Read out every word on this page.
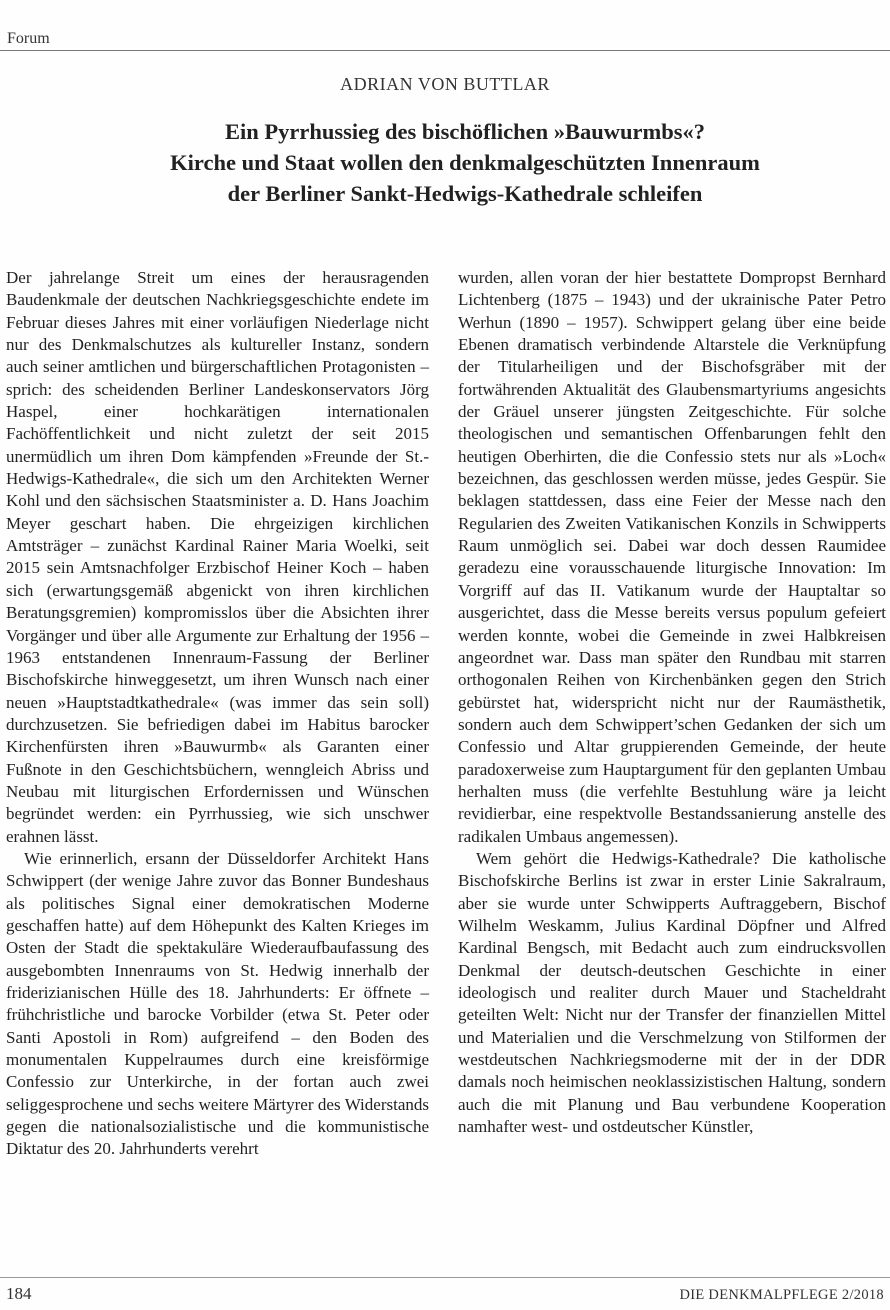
Forum
ADRIAN VON BUTTLAR
Ein Pyrrhussieg des bischöflichen »Bauwurmbs«?
Kirche und Staat wollen den denkmalgeschützten Innenraum
der Berliner Sankt-Hedwigs-Kathedrale schleifen

Der jahrelange Streit um eines der herausragenden Baudenkmale der deutschen Nachkriegsgeschichte endete im Februar dieses Jahres mit einer vorläufigen Niederlage nicht nur des Denkmalschutzes als kultureller Instanz, sondern auch seiner amtlichen und bürgerschaftlichen Protagonisten – sprich: des scheidenden Berliner Landeskonservators Jörg Haspel, einer hochkarätigen internationalen Fachöffentlichkeit und nicht zuletzt der seit 2015 unermüdlich um ihren Dom kämpfenden »Freunde der St.-Hedwigs-Kathedrale«, die sich um den Architekten Werner Kohl und den sächsischen Staatsminister a. D. Hans Joachim Meyer geschart haben. Die ehrgeizigen kirchlichen Amtsträger – zunächst Kardinal Rainer Maria Woelki, seit 2015 sein Amtsnachfolger Erzbischof Heiner Koch – haben sich (erwartungsgemäß abgenickt von ihren kirchlichen Beratungsgremien) kompromisslos über die Absichten ihrer Vorgänger und über alle Argumente zur Erhaltung der 1956 – 1963 entstandenen Innenraum-Fassung der Berliner Bischofskirche hinweggesetzt, um ihren Wunsch nach einer neuen »Hauptstadtkathedrale« (was immer das sein soll) durchzusetzen. Sie befriedigen dabei im Habitus barocker Kirchenfürsten ihren »Bauwurmb« als Garanten einer Fußnote in den Geschichtsbüchern, wenngleich Abriss und Neubau mit liturgischen Erfordernissen und Wünschen begründet werden: ein Pyrrhussieg, wie sich unschwer erahnen lässt.

Wie erinnerlich, ersann der Düsseldorfer Architekt Hans Schwippert (der wenige Jahre zuvor das Bonner Bundeshaus als politisches Signal einer demokratischen Moderne geschaffen hatte) auf dem Höhepunkt des Kalten Krieges im Osten der Stadt die spektakuläre Wiederaufbaufassung des ausgebombten Innenraums von St. Hedwig innerhalb der friderizianischen Hülle des 18. Jahrhunderts: Er öffnete – frühchristliche und barocke Vorbilder (etwa St. Peter oder Santi Apostoli in Rom) aufgreifend – den Boden des monumentalen Kuppelraumes durch eine kreisförmige Confessio zur Unterkirche, in der fortan auch zwei seliggesprochene und sechs weitere Märtyrer des Widerstands gegen die nationalsozialistische und die kommunistische Diktatur des 20. Jahrhunderts verehrt

wurden, allen voran der hier bestattete Dompropst Bernhard Lichtenberg (1875 – 1943) und der ukrainische Pater Petro Werhun (1890 – 1957). Schwippert gelang über eine beide Ebenen dramatisch verbindende Altarstele die Verknüpfung der Titularheiligen und der Bischofsgräber mit der fortwährenden Aktualität des Glaubensmartyriums angesichts der Gräuel unserer jüngsten Zeitgeschichte. Für solche theologischen und semantischen Offenbarungen fehlt den heutigen Oberhirten, die die Confessio stets nur als »Loch« bezeichnen, das geschlossen werden müsse, jedes Gespür. Sie beklagen stattdessen, dass eine Feier der Messe nach den Regularien des Zweiten Vatikanischen Konzils in Schwipperts Raum unmöglich sei. Dabei war doch dessen Raumidee geradezu eine vorausschauende liturgische Innovation: Im Vorgriff auf das II. Vatikanum wurde der Hauptaltar so ausgerichtet, dass die Messe bereits versus populum gefeiert werden konnte, wobei die Gemeinde in zwei Halbkreisen angeordnet war. Dass man später den Rundbau mit starren orthogonalen Reihen von Kirchenbänken gegen den Strich gebürstet hat, widerspricht nicht nur der Raumästhetik, sondern auch dem Schwippert’schen Gedanken der sich um Confessio und Altar gruppierenden Gemeinde, der heute paradoxerweise zum Hauptargument für den geplanten Umbau herhalten muss (die verfehlte Bestuhlung wäre ja leicht revidierbar, eine respektvolle Bestandssanierung anstelle des radikalen Umbaus angemessen).

Wem gehört die Hedwigs-Kathedrale? Die katholische Bischofskirche Berlins ist zwar in erster Linie Sakralraum, aber sie wurde unter Schwipperts Auftraggebern, Bischof Wilhelm Weskamm, Julius Kardinal Döpfner und Alfred Kardinal Bengsch, mit Bedacht auch zum eindrucksvollen Denkmal der deutsch-deutschen Geschichte in einer ideologisch und realiter durch Mauer und Stacheldraht geteilten Welt: Nicht nur der Transfer der finanziellen Mittel und Materialien und die Verschmelzung von Stilformen der westdeutschen Nachkriegsmoderne mit der in der DDR damals noch heimischen neoklassizistischen Haltung, sondern auch die mit Planung und Bau verbundene Kooperation namhafter west- und ostdeutscher Künstler,

184	DIE DENKMALPFLEGE 2/2018
